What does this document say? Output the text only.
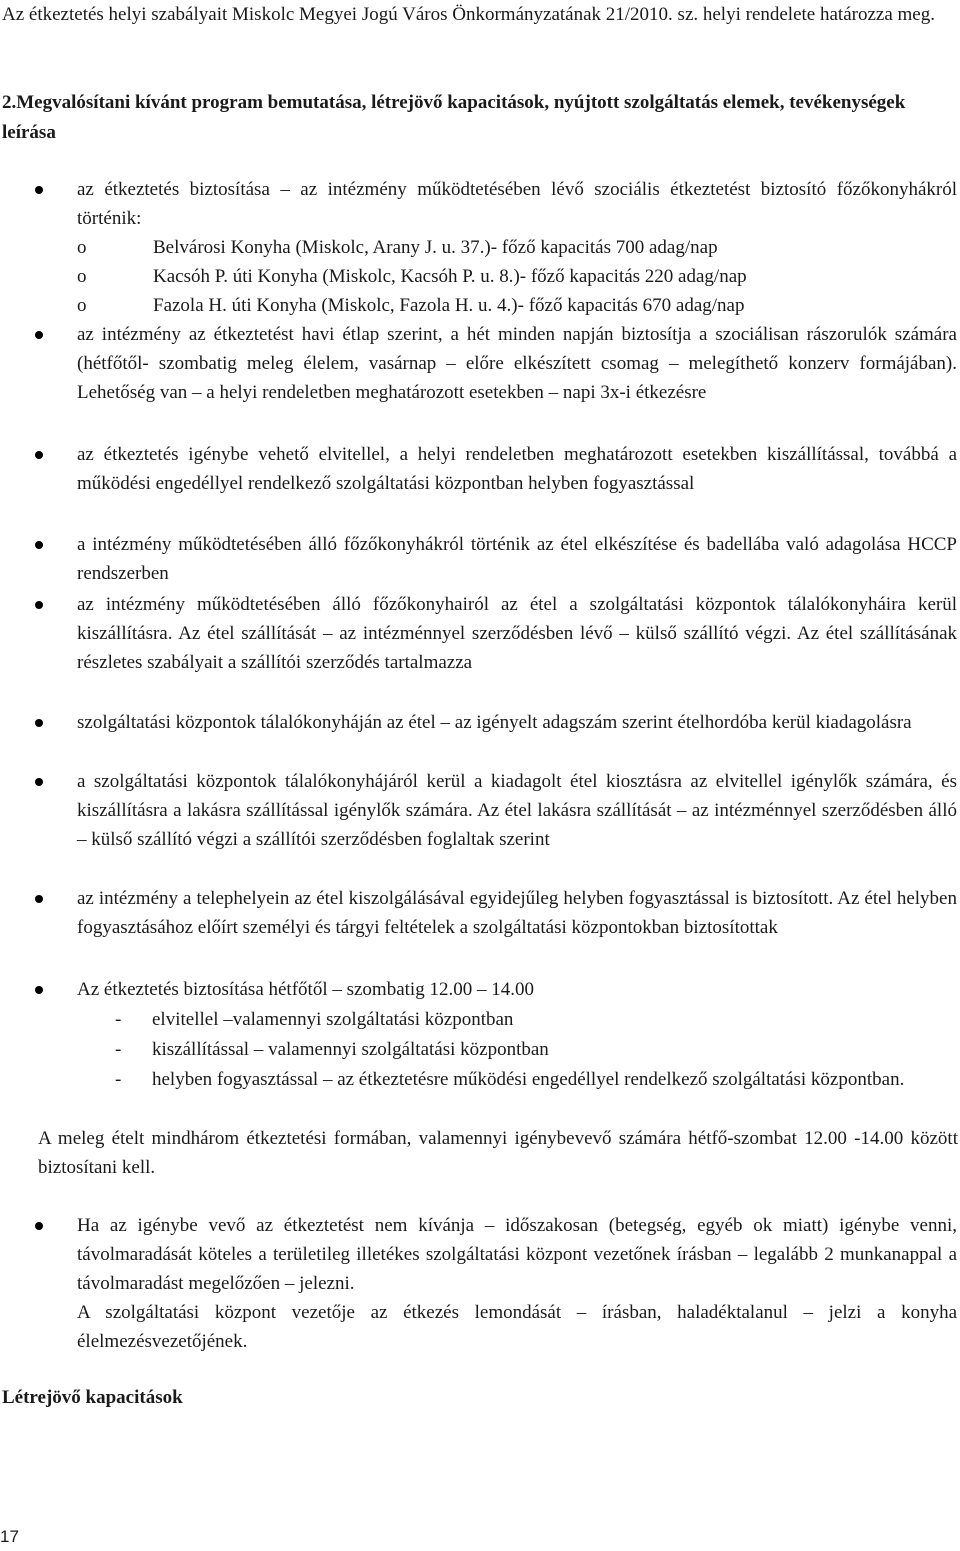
Az étkeztetés helyi szabályait Miskolc Megyei Jogú Város Önkormányzatának 21/2010. sz. helyi rendelete határozza meg.
2.Megvalósítani kívánt program bemutatása, létrejövő kapacitások, nyújtott szolgáltatás elemek, tevékenységek leírása
az étkeztetés biztosítása – az intézmény működtetésében lévő szociális étkeztetést biztosító főzőkonyhákról történik:
o	Belvárosi Konyha (Miskolc, Arany J. u. 37.)- főző kapacitás 700 adag/nap
o	Kacsóh P. úti Konyha (Miskolc, Kacsóh P. u. 8.)- főző kapacitás 220 adag/nap
o	Fazola H. úti Konyha (Miskolc, Fazola H. u. 4.)- főző kapacitás 670 adag/nap
az intézmény az étkeztetést havi étlap szerint, a hét minden napján biztosítja a szociálisan rászorulók számára (hétfőtől- szombatig meleg élelem, vasárnap – előre elkészített csomag – melegíthető konzerv formájában). Lehetőség van – a helyi rendeletben meghatározott esetekben – napi 3x-i étkezésre
az étkeztetés igénybe vehető elvitellel, a helyi rendeletben meghatározott esetekben kiszállítással, továbbá a működési engedéllyel rendelkező szolgáltatási központban helyben fogyasztással
a intézmény működtetésében álló főzőkonyhákról történik az étel elkészítése és badellába való adagolása HCCP rendszerben
az intézmény működtetésében álló főzőkonyhairól az étel a szolgáltatási központok tálalókonyháira kerül kiszállításra. Az étel szállítását – az intézménnyel szerződésben lévő – külső szállító végzi. Az étel szállításának részletes szabályait a szállítói szerződés tartalmazza
szolgáltatási központok tálalókonyháján az étel – az igényelt adagszám szerint ételhordóba kerül kiadagolásra
a szolgáltatási központok tálalókonyhájáról kerül a kiadagolt étel kiosztásra az elvitellel igénylők számára, és kiszállításra a lakásra szállítással igénylők számára. Az étel lakásra szállítását – az intézménnyel szerződésben álló – külső szállító végzi a szállítói szerződésben foglaltak szerint
az intézmény a telephelyein az étel kiszolgálásával egyidejűleg helyben fogyasztással is biztosított. Az étel helyben fogyasztásához előírt személyi és tárgyi feltételek a szolgáltatási központokban biztosítottak
Az étkeztetés biztosítása hétfőtől – szombatig 12.00 – 14.00
- elvitellel –valamennyi szolgáltatási központban
- kiszállítással – valamennyi szolgáltatási központban
- helyben fogyasztással – az étkeztetésre működési engedéllyel rendelkező szolgáltatási központban.
A meleg ételt mindhárom étkeztetési formában, valamennyi igénybevevő számára hétfő-szombat 12.00 -14.00 között biztosítani kell.
Ha az igénybe vevő az étkeztetést nem kívánja – időszakosan (betegség, egyéb ok miatt) igénybe venni, távolmaradását köteles a területileg illetékes szolgáltatási központ vezetőnek írásban – legalább 2 munkanappal a távolmaradást megelőzően – jelezni.
A szolgáltatási központ vezetője az étkezés lemondását – írásban, haladéktalanul – jelzi a konyha élelmezésvezetőjének.
Létrejövő kapacitások
17
